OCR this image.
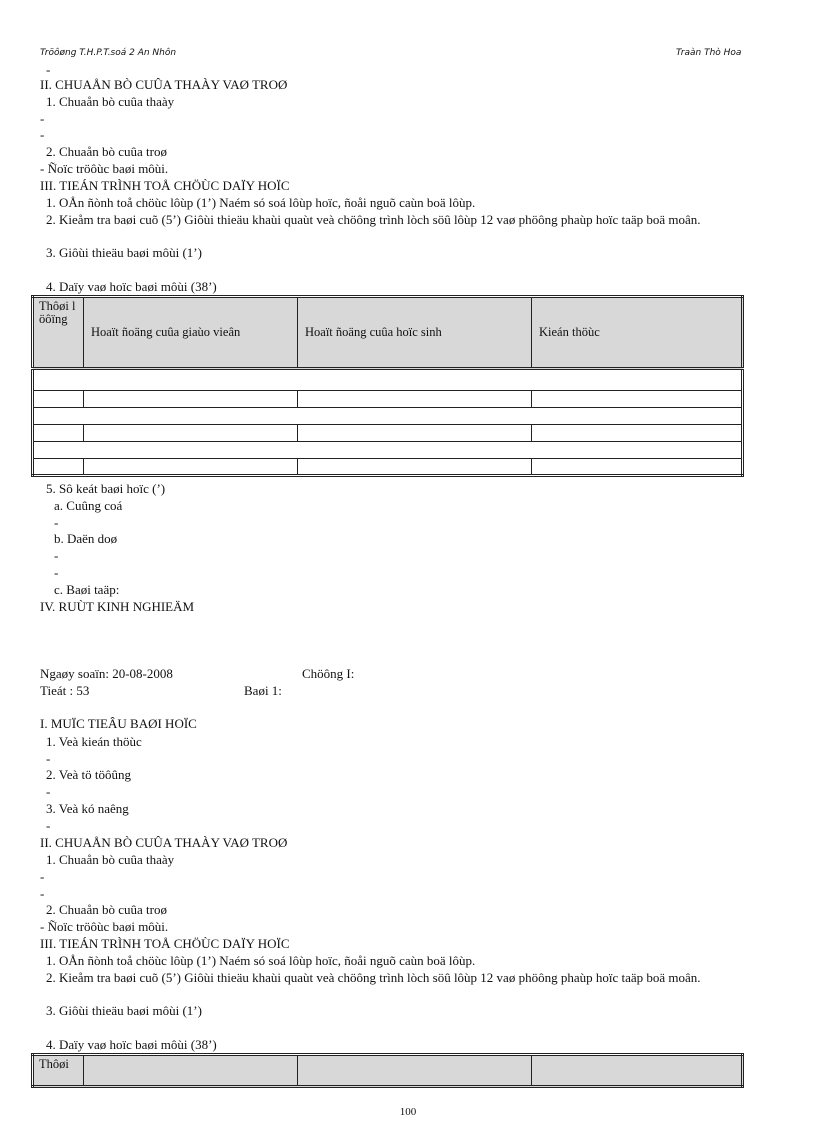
Tröôøng T.H.P.T.soá 2 An Nhôn	Traàn Thò Hoa
-
II. CHUAÅN BÒ CUÛA THAÀY VAØ TROØ
1. Chuaån bò cuûa thaày
-
-
2. Chuaån bò cuûa troø
- Ñoïc tröôùc baøi môùi.
III. TIEÁN TRÌNH TOÅ CHÖÙC DAÏY HOÏC
1. OÅn ñònh toå chöùc lôùp (1’) Naém só soá lôùp hoïc, ñoåi nguõ caùn boä lôùp.
2. Kieåm tra baøi cuõ (5’) Giôùi thieäu khaùi quaùt veà chöông trình lòch söû lôùp 12 vaø phöông phaùp hoïc taäp boä moân.
3. Giôùi thieäu baøi môùi (1’)
4. Daïy vaø hoïc baøi môùi (38’)
Thôøi löôïng	Hoaït ñoäng cuûa giaùo vieân	Hoaït ñoäng cuûa hoïc sinh	Kieán thöùc

5. Sô keát baøi hoïc (’)
a. Cuûng coá
-
b. Daën doø
-
-
c. Baøi taäp:
IV. RUÙT KINH NGHIEÄM
Ngaøy soaïn: 20-08-2008	Chöông I:
Tieát : 53	Baøi 1:
I. MUÏC TIEÂU BAØI HOÏC
1. Veà kieán thöùc
-
2. Veà tö töôûng
-
3. Veà kó naêng
-
II. CHUAÅN BÒ CUÛA THAÀY VAØ TROØ
1. Chuaån bò cuûa thaày
-
-
2. Chuaån bò cuûa troø
- Ñoïc tröôùc baøi môùi.
III. TIEÁN TRÌNH TOÅ CHÖÙC DAÏY HOÏC
1. OÅn ñònh toå chöùc lôùp (1’) Naém só soá lôùp hoïc, ñoåi nguõ caùn boä lôùp.
2. Kieåm tra baøi cuõ (5’) Giôùi thieäu khaùi quaùt veà chöông trình lòch söû lôùp 12 vaø phöông phaùp hoïc taäp boä moân.
3. Giôùi thieäu baøi môùi (1’)
4. Daïy vaø hoïc baøi môùi (38’)
Thôøi	Hoaït ñoäng cuûa giaùo vieân	Hoaït ñoäng cuûa hoïc sinh	Kieán thöùc
100
